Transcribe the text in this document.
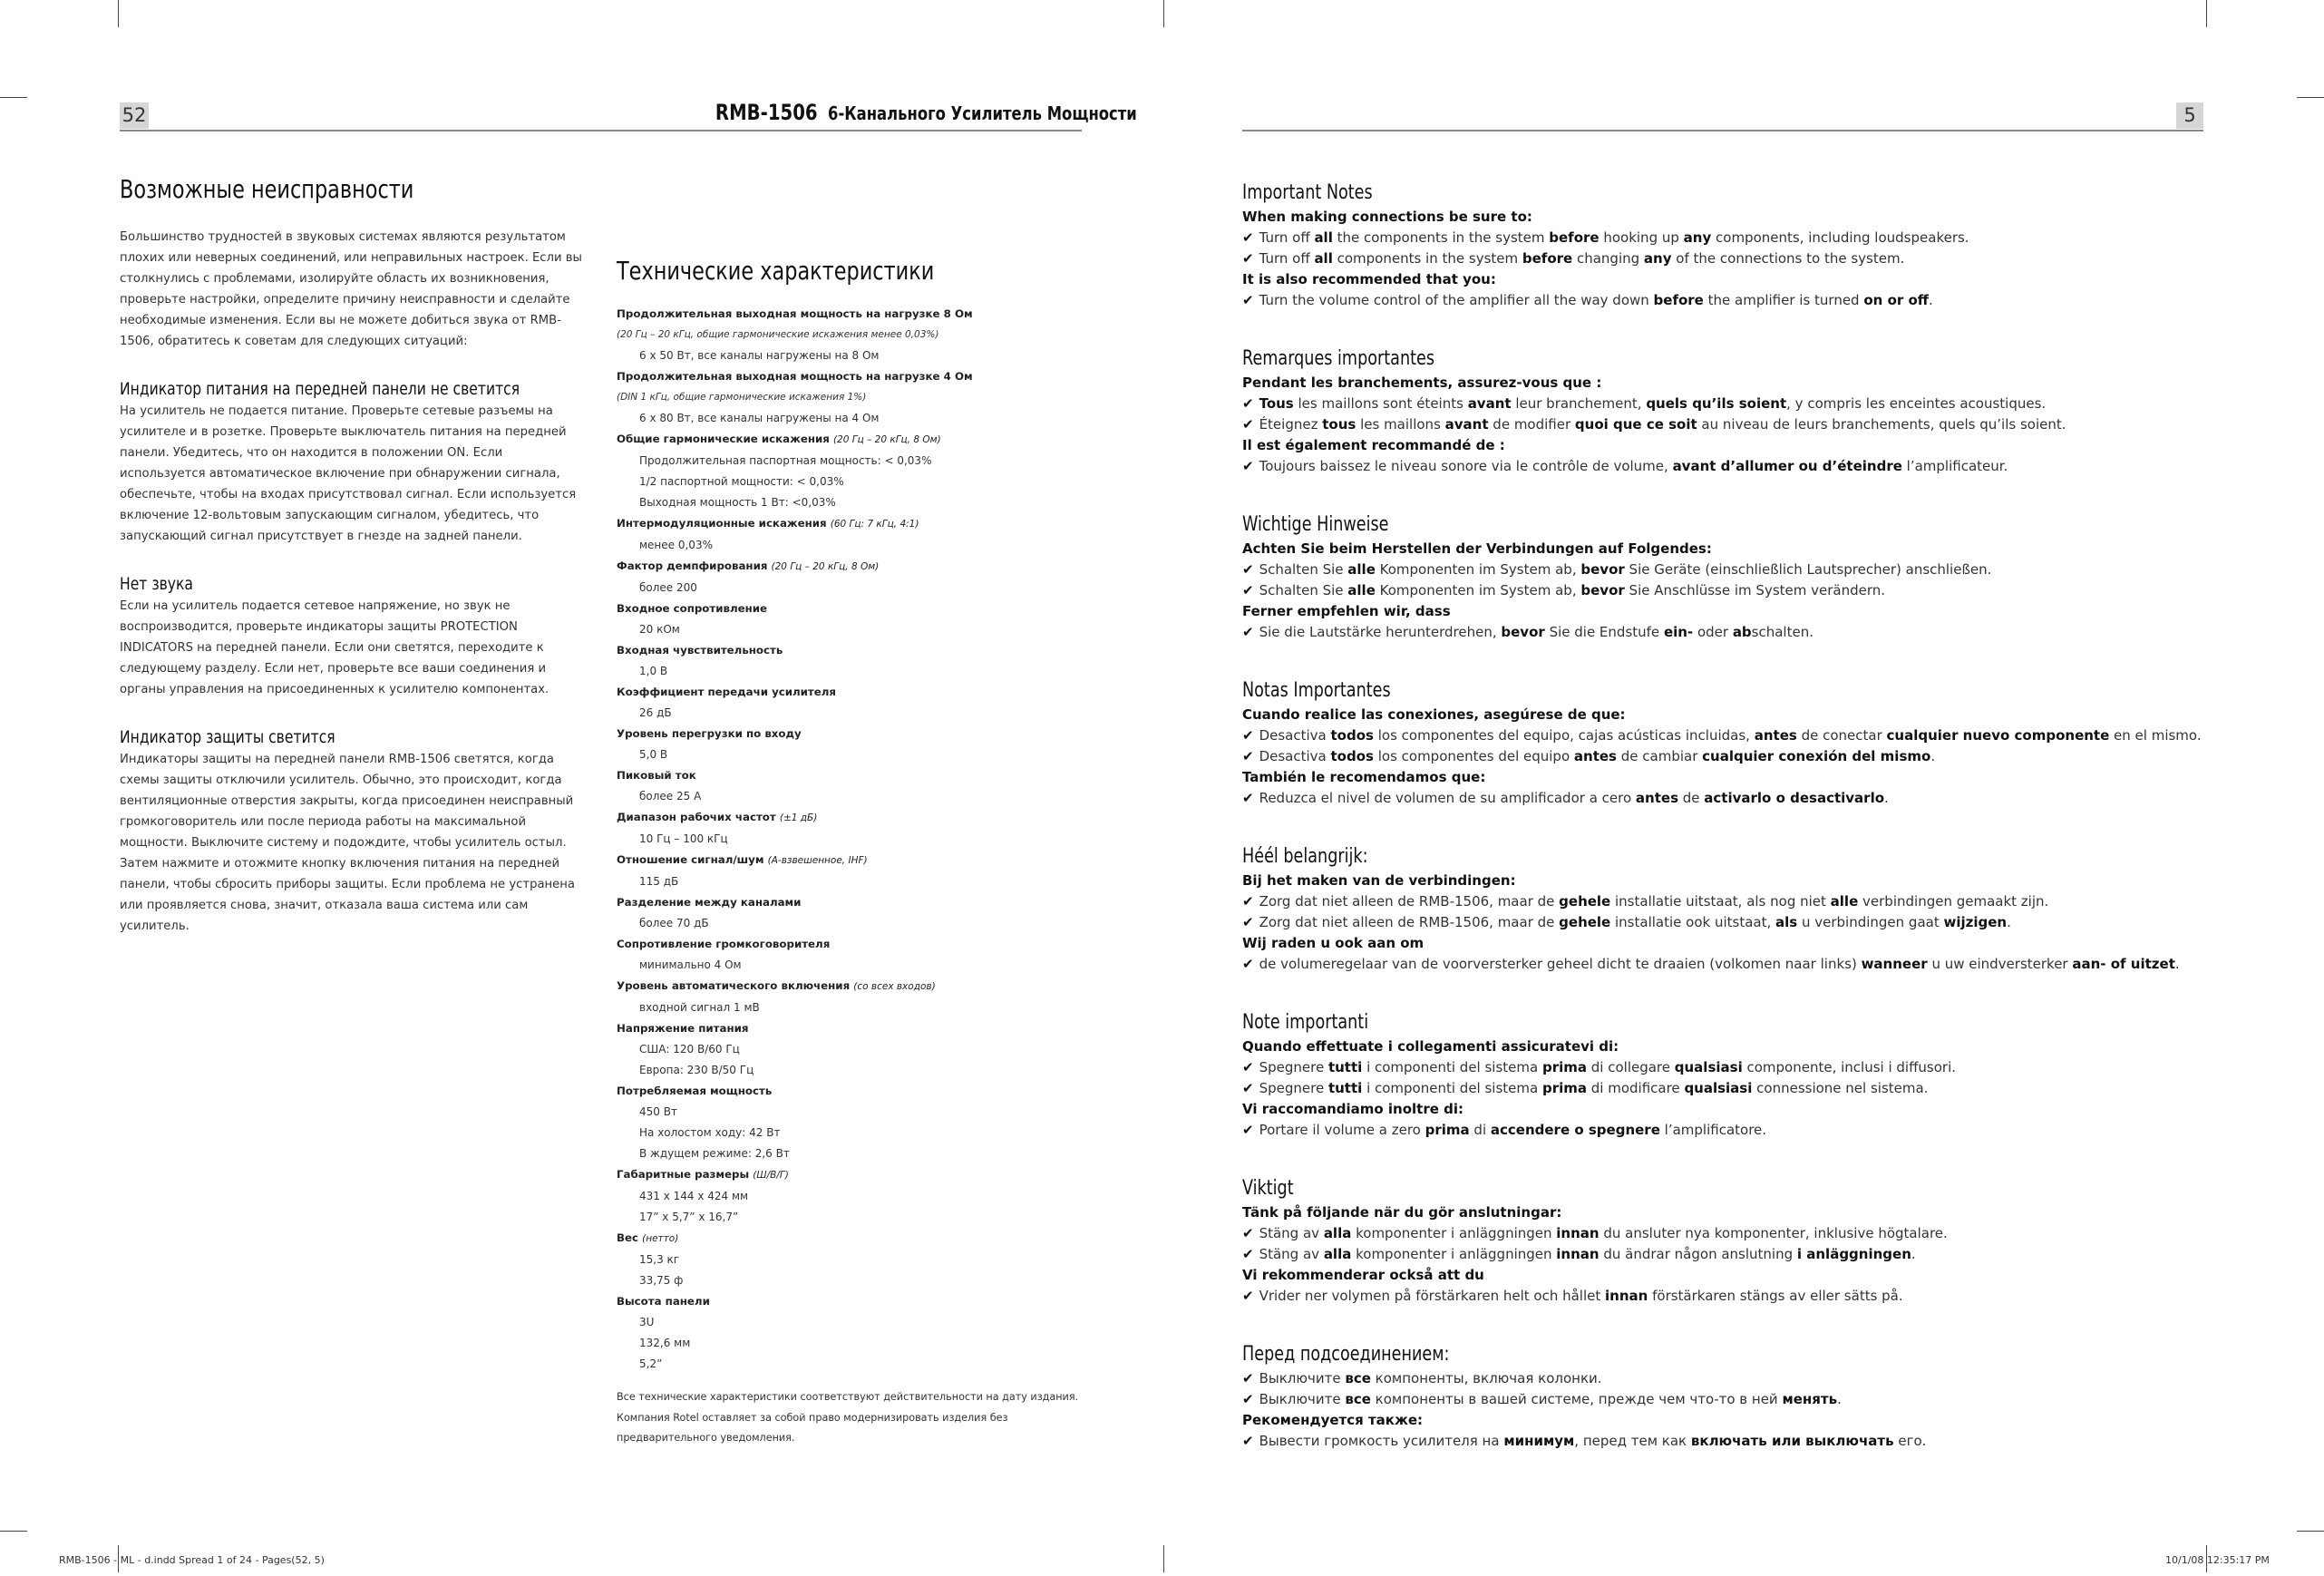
52	5
RMB-1506 6-Канального Усилитель Мощности
Возможные неисправности

Большинство трудностей в звуковых системах являются результатом плохих или неверных соединений, или неправильных настроек. Если вы столкнулись с проблемами, изолируйте область их возникновения, проверьте настройки, определите причину неисправности и сделайте необходимые изменения. Если вы не можете добиться звука от RMB-1506, обратитесь к советам для следующих ситуаций:

Индикатор питания на передней панели не светится

На усилитель не подается питание. Проверьте сетевые разъемы на усилителе и в розетке. Проверьте выключатель питания на передней панели. Убедитесь, что он находится в положении ON. Если используется автоматическое включение при обнаружении сигнала, обеспечьте, чтобы на входах присутствовал сигнал. Если используется включение 12-вольтовым запускающим сигналом, убедитесь, что запускающий сигнал присутствует в гнезде на задней панели.

Нет звука

Если на усилитель подается сетевое напряжение, но звук не воспроизводится, проверьте индикаторы защиты PROTECTION INDICATORS на передней панели. Если они светятся, переходите к следующему разделу. Если нет, проверьте все ваши соединения и органы управления на присоединенных к усилителю компонентах.

Индикатор защиты светится

Индикаторы защиты на передней панели RMB-1506 светятся, когда схемы защиты отключили усилитель. Обычно, это происходит, когда вентиляционные отверстия закрыты, когда присоединен неисправный громкоговоритель или после периода работы на максимальной мощности. Выключите систему и подождите, чтобы усилитель остыл. Затем нажмите и отожмите кнопку включения питания на передней панели, чтобы сбросить приборы защиты. Если проблема не устранена или проявляется снова, значит, отказала ваша система или сам усилитель.

Технические характеристики
Продолжительная выходная мощность на нагрузке 8 Ом
(20 Гц – 20 кГц, общие гармонические искажения менее 0,03%)
6 x 50 Вт, все каналы нагружены на 8 Ом
Продолжительная выходная мощность на нагрузке 4 Ом
(DIN 1 кГц, общие гармонические искажения 1%)
6 x 80 Вт, все каналы нагружены на 4 Ом
Общие гармонические искажения (20 Гц – 20 кГц, 8 Ом)
Продолжительная паспортная мощность: < 0,03%
1/2 паспортной мощности: < 0,03%
Выходная мощность 1 Вт: <0,03%
Интермодуляционные искажения (60 Гц: 7 кГц, 4:1)
менее 0,03%
Фактор демпфирования (20 Гц – 20 кГц, 8 Ом)
более 200
Входное сопротивление
20 кОм
Входная чувствительность
1,0 В
Коэффициент передачи усилителя
26 дБ
Уровень перегрузки по входу
5,0 В
Пиковый ток
более 25 А
Диапазон рабочих частот (±1 дБ)
10 Гц – 100 кГц
Отношение сигнал/шум (А-взвешенное, IHF)
115 дБ
Разделение между каналами
более 70 дБ
Сопротивление громкоговорителя
минимально 4 Ом
Уровень автоматического включения (со всех входов)
входной сигнал 1 мВ
Напряжение питания
США: 120 В/60 Гц
Европа: 230 В/50 Гц
Потребляемая мощность
450 Вт
На холостом ходу: 42 Вт
В ждущем режиме: 2,6 Вт
Габаритные размеры (Ш/В/Г)
431 x 144 x 424 мм
17” x 5,7” x 16,7”
Вес (нетто)
15,3 кг
33,75 ф
Высота панели
3U
132,6 мм
5,2”
Все технические характеристики соответствуют действительности на дату издания. Компания Rotel оставляет за собой право модернизировать изделия без предварительного уведомления.
Important Notes
When making connections be sure to:
✔ Turn off all the components in the system before hooking up any components, including loudspeakers.
✔ Turn off all components in the system before changing any of the connections to the system.
It is also recommended that you:
✔ Turn the volume control of the amplifier all the way down before the amplifier is turned on or off.
Remarques importantes
Pendant les branchements, assurez-vous que :
✔ Tous les maillons sont éteints avant leur branchement, quels qu’ils soient, y compris les enceintes acoustiques.
✔ Éteignez tous les maillons avant de modifier quoi que ce soit au niveau de leurs branchements, quels qu’ils soient.
Il est également recommandé de :
✔ Toujours baissez le niveau sonore via le contrôle de volume, avant d’allumer ou d’éteindre l’amplificateur.
Wichtige Hinweise
Achten Sie beim Herstellen der Verbindungen auf Folgendes:
✔ Schalten Sie alle Komponenten im System ab, bevor Sie Geräte (einschließlich Lautsprecher) anschließen.
✔ Schalten Sie alle Komponenten im System ab, bevor Sie Anschlüsse im System verändern.
Ferner empfehlen wir, dass
✔ Sie die Lautstärke herunterdrehen, bevor Sie die Endstufe ein- oder abschalten.
Notas Importantes
Cuando realice las conexiones, asegúrese de que:
✔ Desactiva todos los componentes del equipo, cajas acústicas incluidas, antes de conectar cualquier nuevo componente en el mismo.
✔ Desactiva todos los componentes del equipo antes de cambiar cualquier conexión del mismo.
También le recomendamos que:
✔ Reduzca el nivel de volumen de su amplificador a cero antes de activarlo o desactivarlo.
Héél belangrijk:
Bij het maken van de verbindingen:
✔ Zorg dat niet alleen de RMB-1506, maar de gehele installatie uitstaat, als nog niet alle verbindingen gemaakt zijn.
✔ Zorg dat niet alleen de RMB-1506, maar de gehele installatie ook uitstaat, als u verbindingen gaat wijzigen.
Wij raden u ook aan om
✔ de volumeregelaar van de voorversterker geheel dicht te draaien (volkomen naar links) wanneer u uw eindversterker aan- of uitzet.
Note importanti
Quando effettuate i collegamenti assicuratevi di:
✔ Spegnere tutti i componenti del sistema prima di collegare qualsiasi componente, inclusi i diffusori.
✔ Spegnere tutti i componenti del sistema prima di modificare qualsiasi connessione nel sistema.
Vi raccomandiamo inoltre di:
✔ Portare il volume a zero prima di accendere o spegnere l’amplificatore.
Viktigt
Tänk på följande när du gör anslutningar:
✔ Stäng av alla komponenter i anläggningen innan du ansluter nya komponenter, inklusive högtalare.
✔ Stäng av alla komponenter i anläggningen innan du ändrar någon anslutning i anläggningen.
Vi rekommenderar också att du
✔ Vrider ner volymen på förstärkaren helt och hållet innan förstärkaren stängs av eller sätts på.
Перед подсоединением:
✔ Выключите все компоненты, включая колонки.
✔ Выключите все компоненты в вашей системе, прежде чем что-то в ней менять.
Рекомендуется также:
✔ Вывести громкость усилителя на минимум, перед тем как включать или выключать его.
RMB-1506 - ML - d.indd Spread 1 of 24 - Pages(52, 5)	10/1/08 12:35:17 PM
